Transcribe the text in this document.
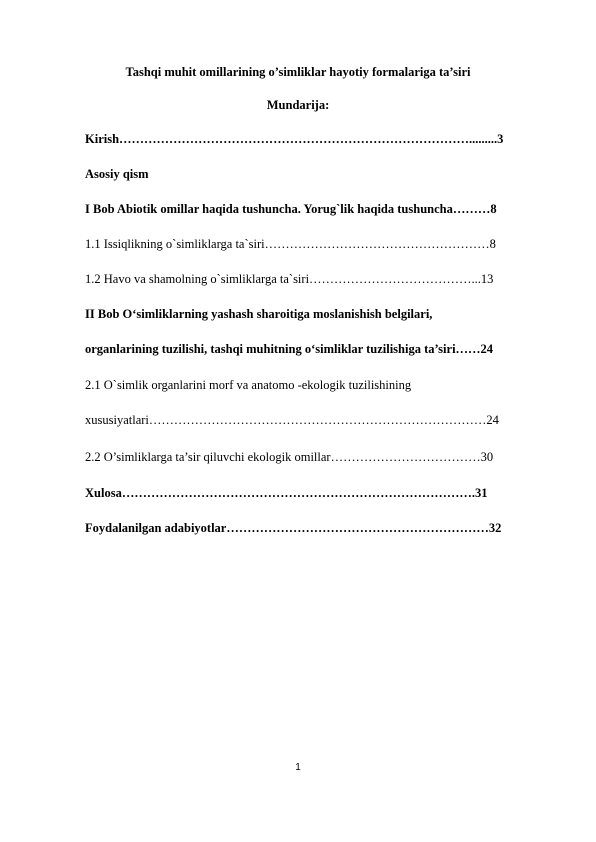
Tashqi muhit omillarining o’simliklar hayotiy formalariga ta’siri
Mundarija:
Kirish………………………………………………………………………….........3
Asosiy qism
I Bob Abiotik omillar haqida tushuncha. Yorug`lik haqida tushuncha………8
1.1 Issiqlikning o`simliklarga ta`siri………………………………………………8
1.2 Havo va shamolning o`simliklarga ta`siri…………………………………...13
II Bob O‘simliklarning yashash sharoitiga moslanishish belgilari,
organlarining tuzilishi, tashqi muhitning o‘simliklar tuzilishiga ta’siri……24
2.1 O`simlik organlarini morf va anatomo -ekologik tuzilishining
xususiyatlari………………………………………………………………………24
2.2 O’simliklarga ta’sir qiluvchi ekologik omillar………………………………30
Xulosa………………………………………………………………………….31
Foydalanilgan adabiyotlar………………………………………………………32
1
